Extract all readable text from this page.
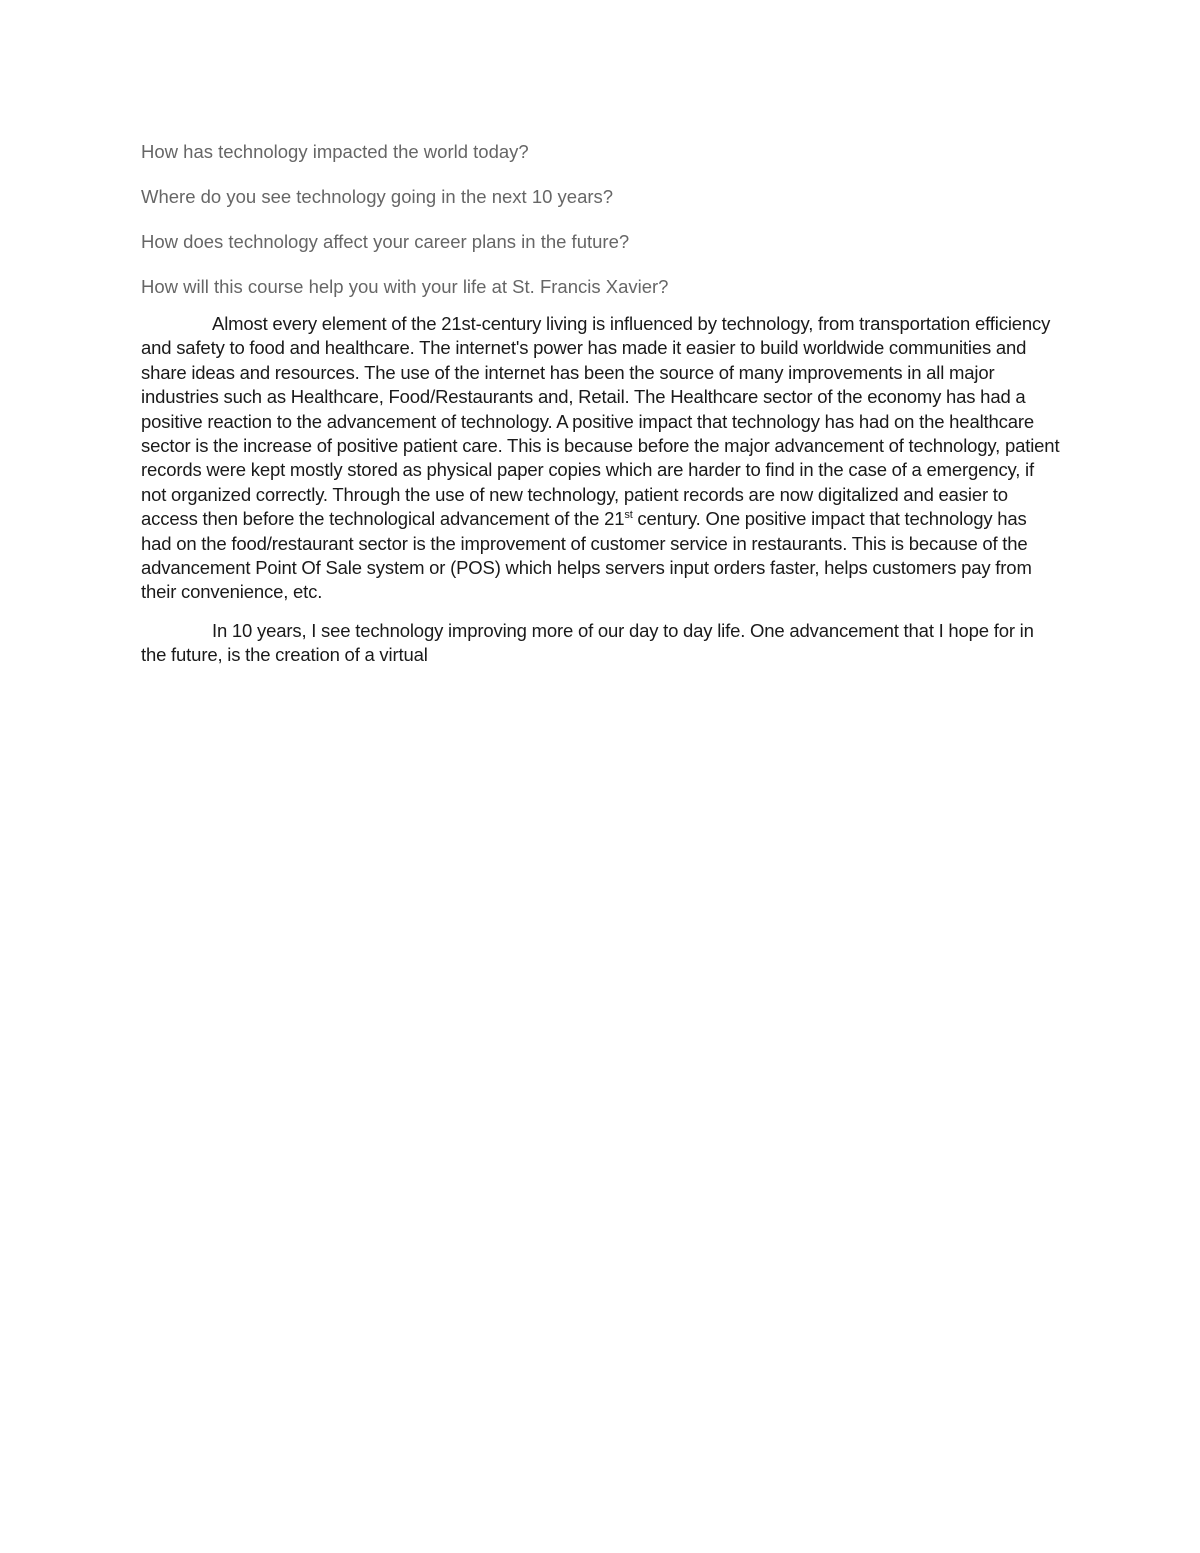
How has technology impacted the world today?

Where do you see technology going in the next 10 years?

How does technology affect your career plans in the future?

How will this course help you with your life at St. Francis Xavier?

Almost every element of the 21st-century living is influenced by technology, from transportation efficiency and safety to food and healthcare. The internet's power has made it easier to build worldwide communities and share ideas and resources. The use of the internet has been the source of many improvements in all major industries such as Healthcare, Food/Restaurants and, Retail. The Healthcare sector of the economy has had a positive reaction to the advancement of technology. A positive impact that technology has had on the healthcare sector is the increase of positive patient care. This is because before the major advancement of technology, patient records were kept mostly stored as physical paper copies which are harder to find in the case of a emergency, if not organized correctly. Through the use of new technology, patient records are now digitalized and easier to access then before the technological advancement of the 21st century. One positive impact that technology has had on the food/restaurant sector is the improvement of customer service in restaurants. This is because of the advancement Point Of Sale system or (POS) which helps servers input orders faster, helps customers pay from their convenience, etc.

In 10 years, I see technology improving more of our day to day life. One advancement that I hope for in the future, is the creation of a virtual
